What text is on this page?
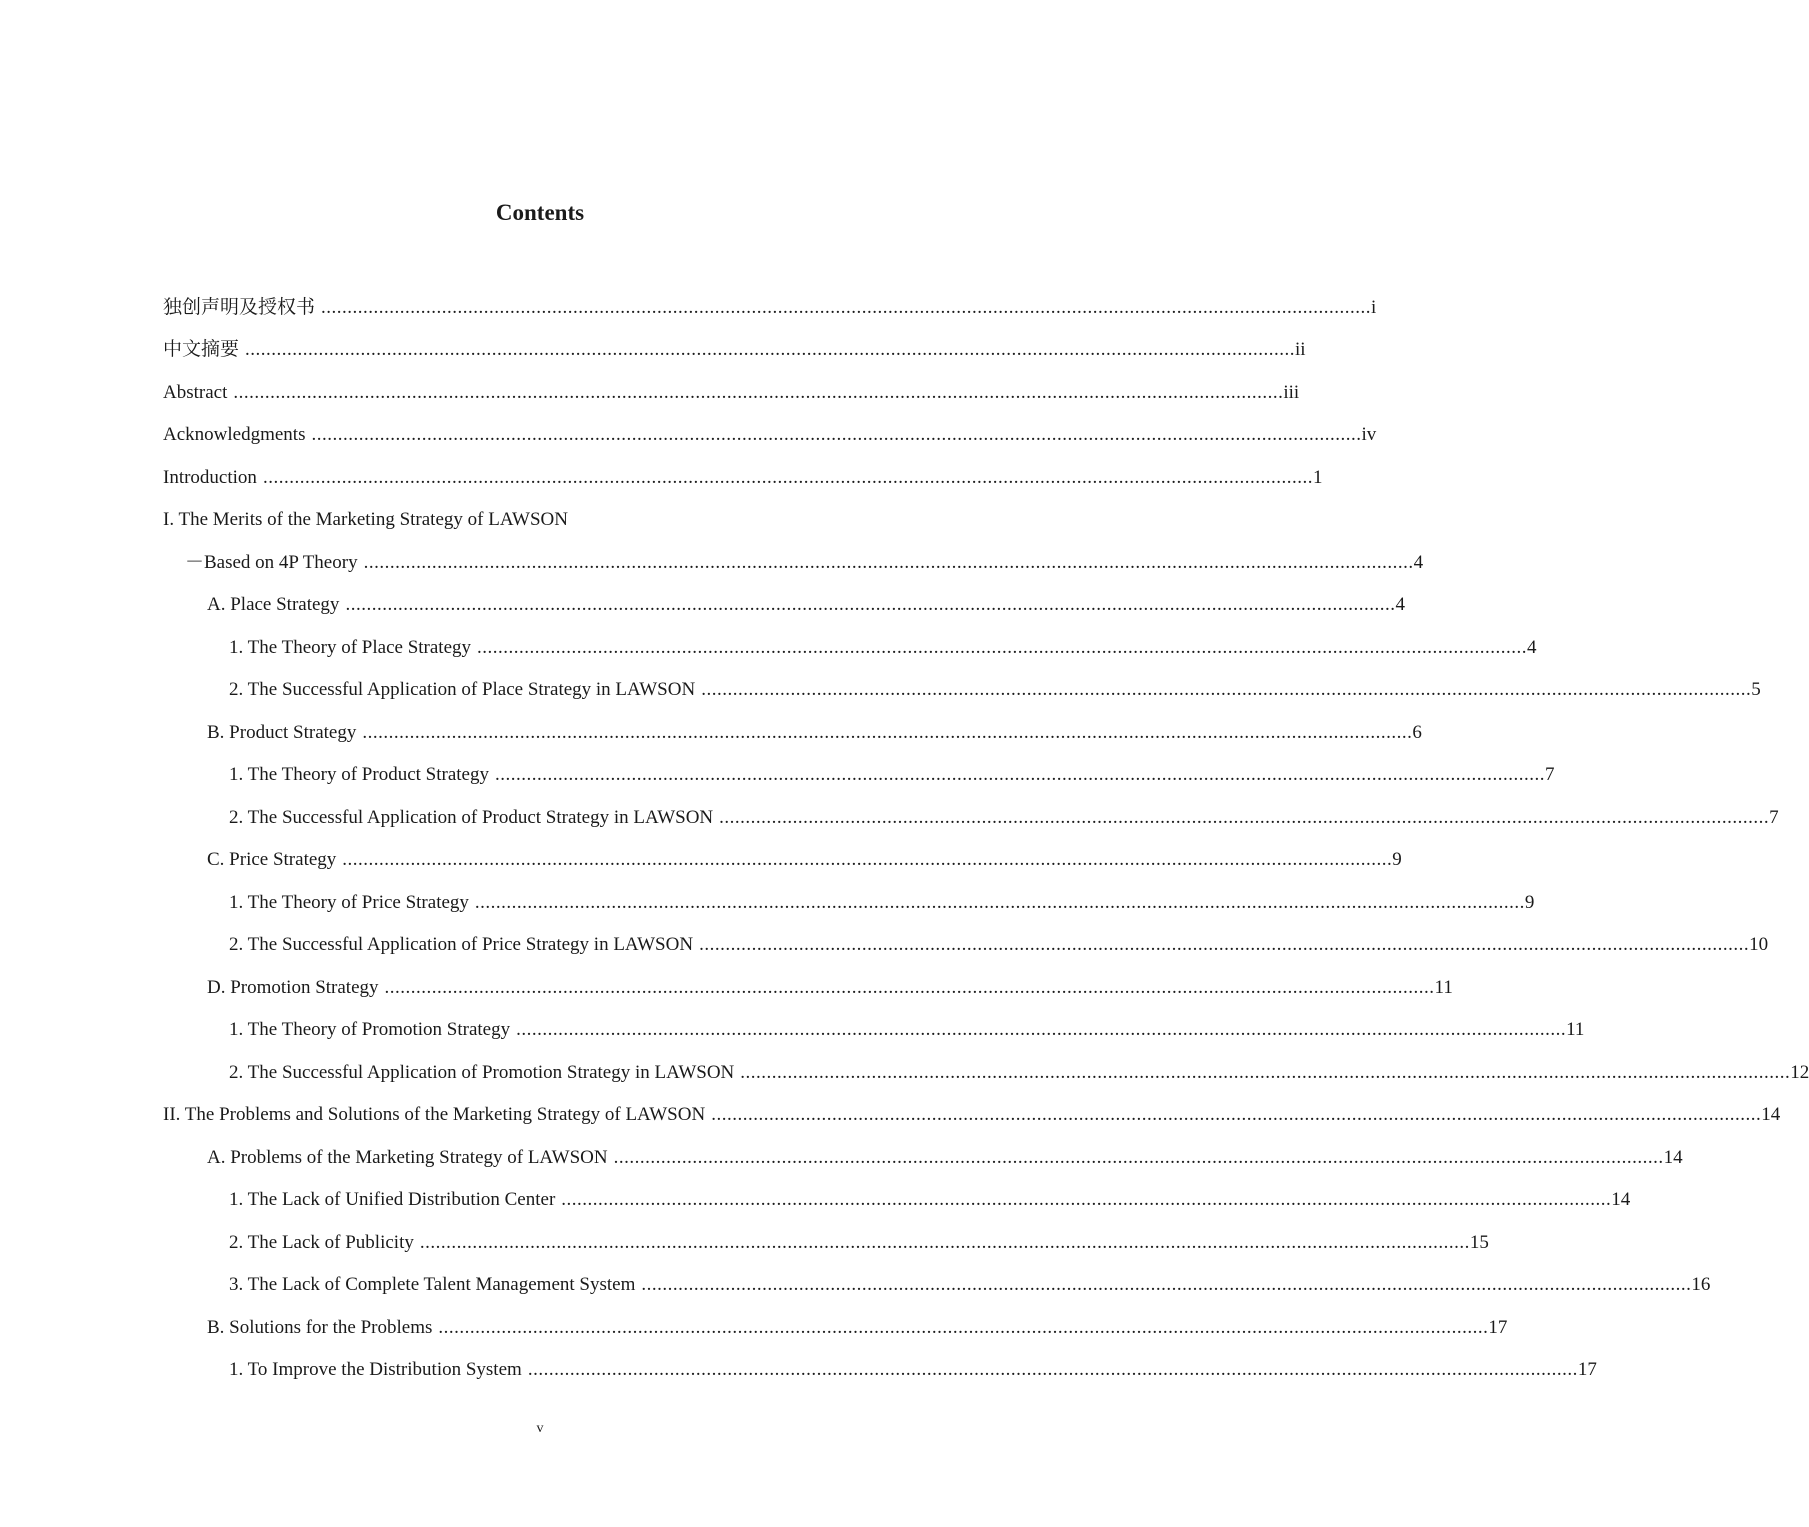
Contents
独创声明及授权书 ........................................................................................................................................................................................................ i
中文摘要 ........................................................................................................................................................................................................ ii
Abstract ........................................................................................................................................................................................................ iii
Acknowledgments ........................................................................................................................................................................................................ iv
Introduction ........................................................................................................................................................................................................ 1
I. The Merits of the Marketing Strategy of LAWSON
－Based on 4P Theory ........................................................................................................................................................................................................ 4
A. Place Strategy ........................................................................................................................................................................................................ 4
1. The Theory of Place Strategy ........................................................................................................................................................................................................ 4
2. The Successful Application of Place Strategy in LAWSON ........................................................................................................................................................................................................ 5
B. Product Strategy ........................................................................................................................................................................................................ 6
1. The Theory of Product Strategy ........................................................................................................................................................................................................ 7
2. The Successful Application of Product Strategy in LAWSON ........................................................................................................................................................................................................ 7
C. Price Strategy ........................................................................................................................................................................................................ 9
1. The Theory of Price Strategy ........................................................................................................................................................................................................ 9
2. The Successful Application of Price Strategy in LAWSON ........................................................................................................................................................................................................ 10
D. Promotion Strategy ........................................................................................................................................................................................................ 11
1. The Theory of Promotion Strategy ........................................................................................................................................................................................................ 11
2. The Successful Application of Promotion Strategy in LAWSON ........................................................................................................................................................................................................ 12
II. The Problems and Solutions of the Marketing Strategy of LAWSON ........................................................................................................................................................................................................ 14
A. Problems of the Marketing Strategy of LAWSON ........................................................................................................................................................................................................ 14
1. The Lack of Unified Distribution Center ........................................................................................................................................................................................................ 14
2. The Lack of Publicity ........................................................................................................................................................................................................ 15
3. The Lack of Complete Talent Management System ........................................................................................................................................................................................................ 16
B. Solutions for the Problems ........................................................................................................................................................................................................ 17
1. To Improve the Distribution System ........................................................................................................................................................................................................ 17
v
